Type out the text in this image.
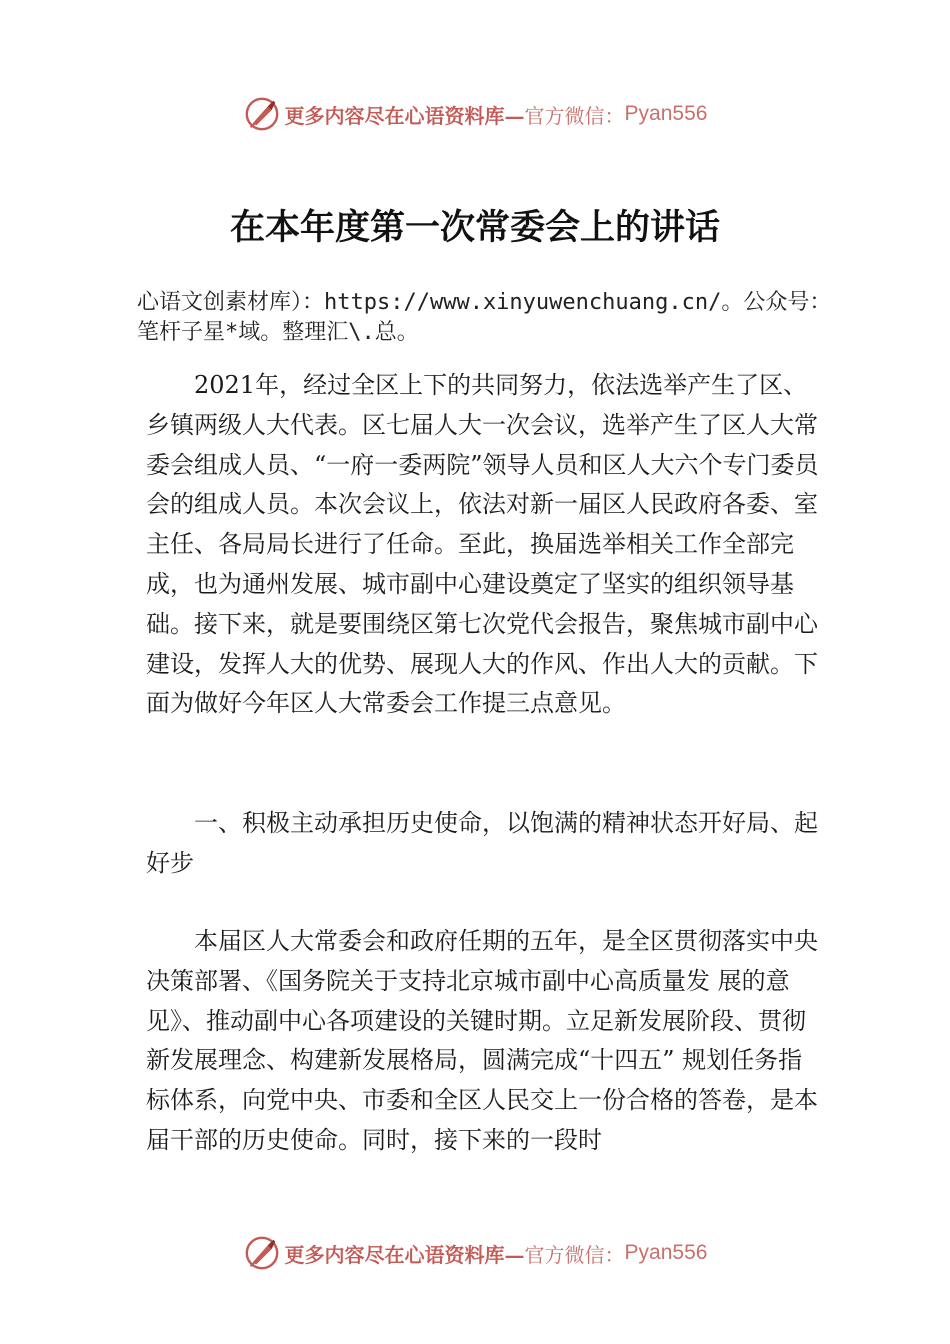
更多内容尽在心语资料库— 官方微信： Pyan556
在本年度第一次常委会上的讲话
心语文创素材库）：https://www.xinyuwenchuang.cn/。公众号：笔杆子星*域。整理汇\.总。

2021年，经过全区上下的共同努力，依法选举产生了区、乡镇两级人大代表。区七届人大一次会议，选举产生了区人大常委会组成人员、“一府一委两院”领导人员和区人大六个专门委员会的组成人员。本次会议上，依法对新一届区人民政府各委、室主任、各局局长进行了任命。至此，换届选举相关工作全部完成，也为通州发展、城市副中心建设奠定了坚实的组织领导基础。接下来，就是要围绕区第七次党代会报告，聚焦城市副中心建设，发挥人大的优势、展现人大的作风、作出人大的贡献。下面为做好今年区人大常委会工作提三点意见。

一、积极主动承担历史使命，以饱满的精神状态开好局、起好步

本届区人大常委会和政府任期的五年，是全区贯彻落实中央决策部署、《国务院关于支持北京城市副中心高质量发 展的意见》、推动副中心各项建设的关键时期。立足新发展阶段、贯彻新发展理念、构建新发展格局，圆满完成“十四五” 规划任务指标体系，向党中央、市委和全区人民交上一份合格的答卷，是本届干部的历史使命。同时，接下来的一段时

更多内容尽在心语资料库— 官方微信： Pyan556
